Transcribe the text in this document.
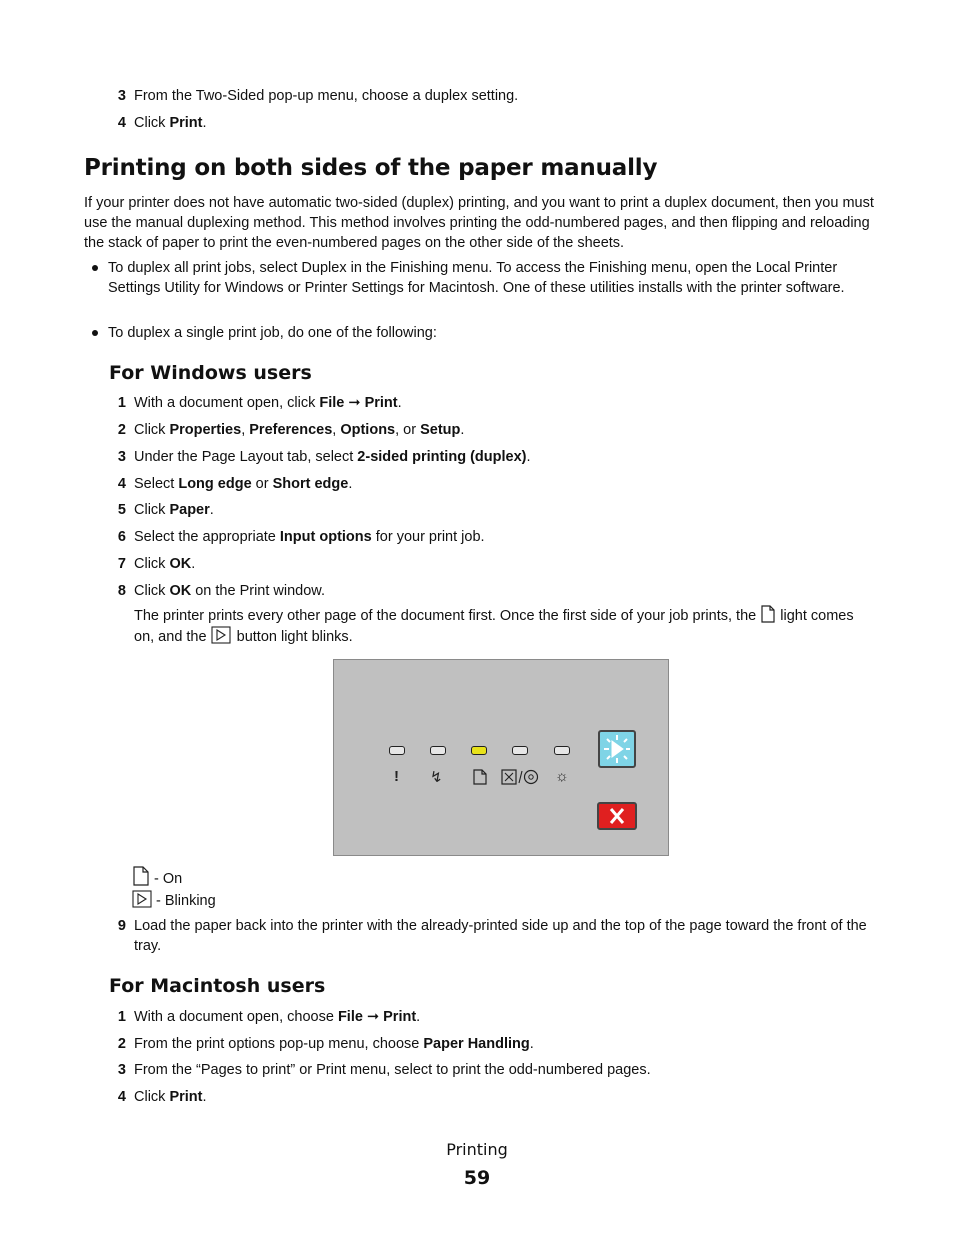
3 From the Two-Sided pop-up menu, choose a duplex setting.
4 Click Print.
Printing on both sides of the paper manually
If your printer does not have automatic two-sided (duplex) printing, and you want to print a duplex document, then you must use the manual duplexing method. This method involves printing the odd-numbered pages, and then flipping and reloading the stack of paper to print the even-numbered pages on the other side of the sheets.
To duplex all print jobs, select Duplex in the Finishing menu. To access the Finishing menu, open the Local Printer Settings Utility for Windows or Printer Settings for Macintosh. One of these utilities installs with the printer software.
To duplex a single print job, do one of the following:
For Windows users
1 With a document open, click File ➞ Print.
2 Click Properties, Preferences, Options, or Setup.
3 Under the Page Layout tab, select 2-sided printing (duplex).
4 Select Long edge or Short edge.
5 Click Paper.
6 Select the appropriate Input options for your print job.
7 Click OK.
8 Click OK on the Print window.
The printer prints every other page of the document first. Once the first side of your job prints, the light comes on, and the button light blinks.
! ↯	☼
- On
- Blinking
9 Load the paper back into the printer with the already-printed side up and the top of the page toward the front of the tray.
For Macintosh users
1 With a document open, choose File ➞ Print.
2 From the print options pop-up menu, choose Paper Handling.
3 From the “Pages to print” or Print menu, select to print the odd-numbered pages.
4 Click Print.
Printing
59
